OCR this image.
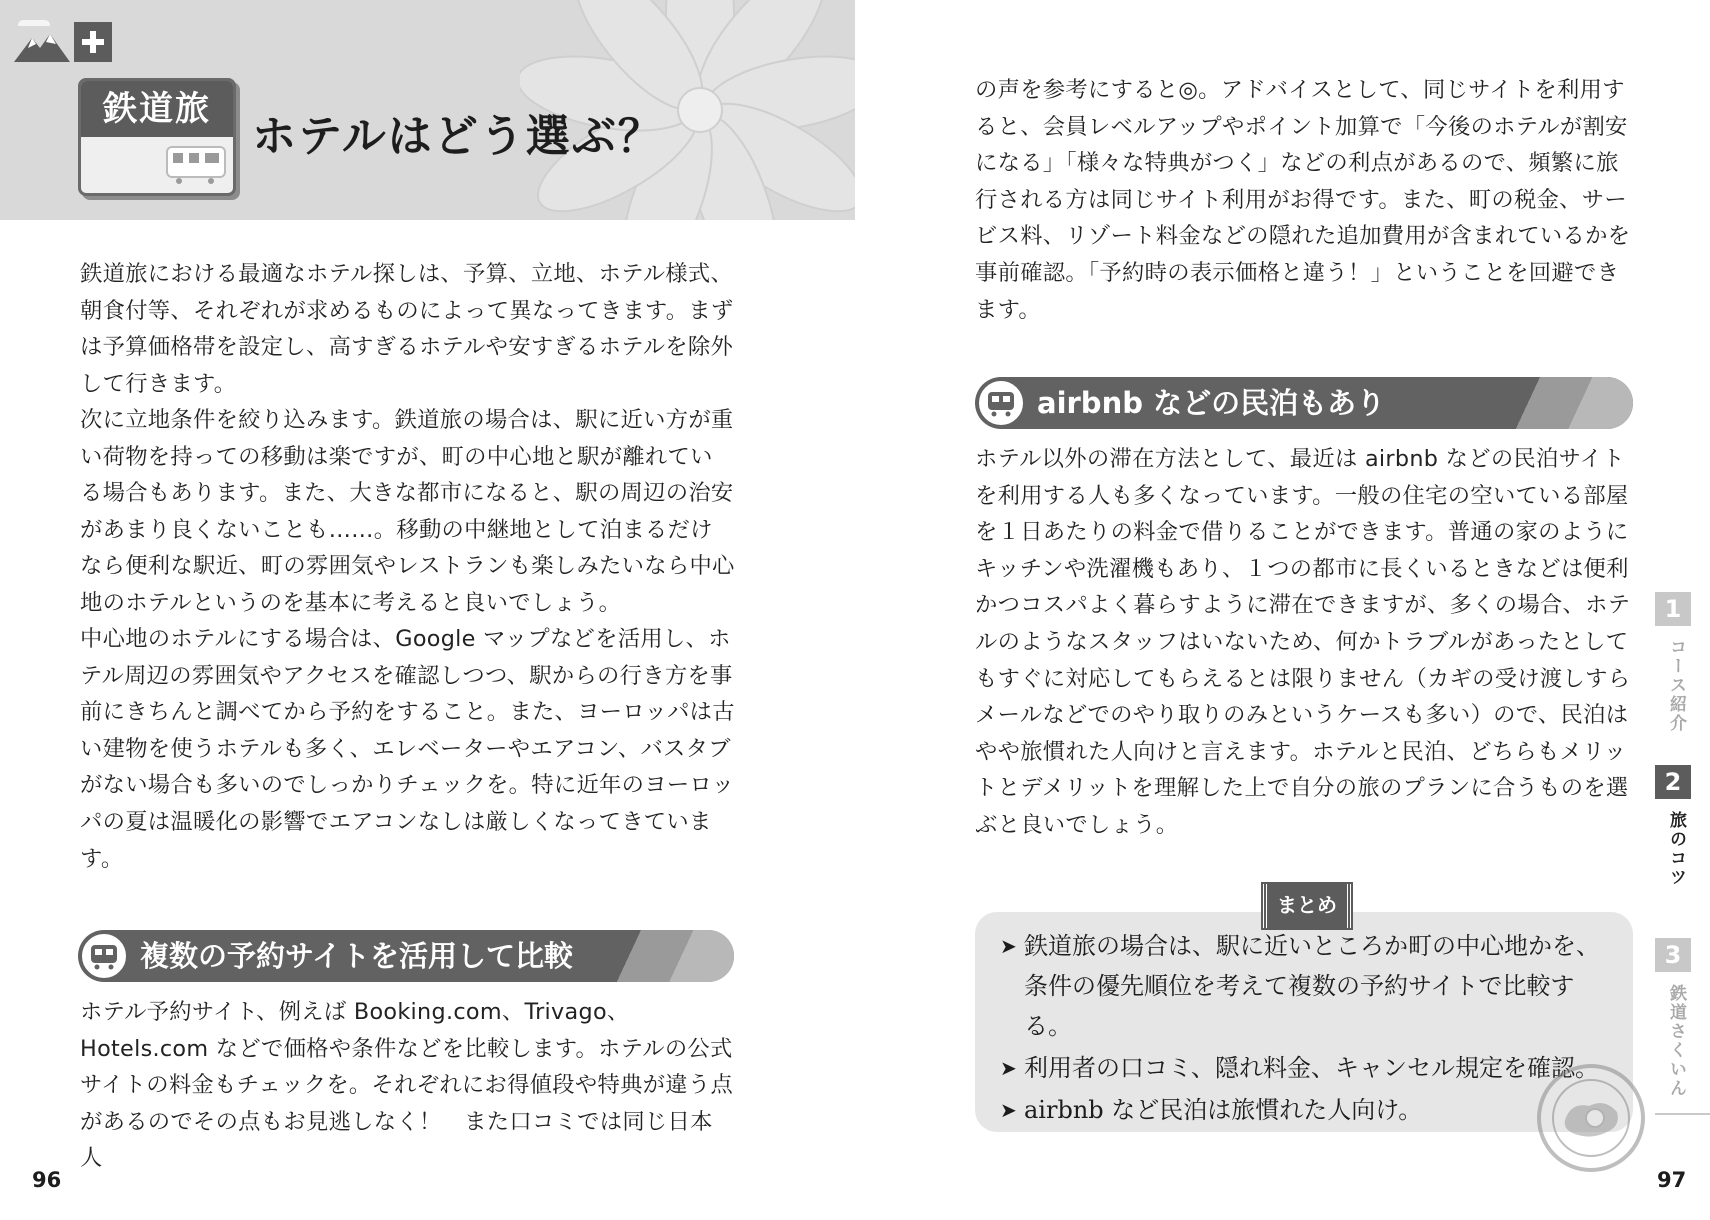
鉄道旅
ホテルはどう選ぶ？

鉄道旅における最適なホテル探しは、予算、立地、ホテル様式、朝食付等、それぞれが求めるものによって異なってきます。まずは予算価格帯を設定し、高すぎるホテルや安すぎるホテルを除外して行きます。

次に立地条件を絞り込みます。鉄道旅の場合は、駅に近い方が重い荷物を持っての移動は楽ですが、町の中心地と駅が離れている場合もあります。また、大きな都市になると、駅の周辺の治安があまり良くないことも……。移動の中継地として泊まるだけなら便利な駅近、町の雰囲気やレストランも楽しみたいなら中心地のホテルというのを基本に考えると良いでしょう。

中心地のホテルにする場合は、Google マップなどを活用し、ホテル周辺の雰囲気やアクセスを確認しつつ、駅からの行き方を事前にきちんと調べてから予約をすること。また、ヨーロッパは古い建物を使うホテルも多く、エレベーターやエアコン、バスタブがない場合も多いのでしっかりチェックを。特に近年のヨーロッパの夏は温暖化の影響でエアコンなしは厳しくなってきています。

複数の予約サイトを活用して比較

ホテル予約サイト、例えば Booking.com、Trivago、Hotels.com などで価格や条件などを比較します。ホテルの公式サイトの料金もチェックを。それぞれにお得値段や特典が違う点があるのでその点もお見逃しなく！　また口コミでは同じ日本人

96

の声を参考にすると◎。アドバイスとして、同じサイトを利用すると、会員レベルアップやポイント加算で「今後のホテルが割安になる」「様々な特典がつく」などの利点があるので、頻繁に旅行される方は同じサイト利用がお得です。また、町の税金、サービス料、リゾート料金などの隠れた追加費用が含まれているかを事前確認。「予約時の表示価格と違う！」ということを回避できます。

airbnb などの民泊もあり

ホテル以外の滞在方法として、最近は airbnb などの民泊サイトを利用する人も多くなっています。一般の住宅の空いている部屋を１日あたりの料金で借りることができます。普通の家のようにキッチンや洗濯機もあり、１つの都市に長くいるときなどは便利かつコスパよく暮らすように滞在できますが、多くの場合、ホテルのようなスタッフはいないため、何かトラブルがあったとしてもすぐに対応してもらえるとは限りません（カギの受け渡しすらメールなどでのやり取りのみというケースも多い）ので、民泊はやや旅慣れた人向けと言えます。ホテルと民泊、どちらもメリットとデメリットを理解した上で自分の旅のプランに合うものを選ぶと良いでしょう。

まとめ
➤ 鉄道旅の場合は、駅に近いところか町の中心地かを、条件の優先順位を考えて複数の予約サイトで比較する。
➤ 利用者の口コミ、隠れ料金、キャンセル規定を確認。
➤ airbnb など民泊は旅慣れた人向け。
1
コース紹介
2
旅のコツ
3
鉄道さくいん
97
